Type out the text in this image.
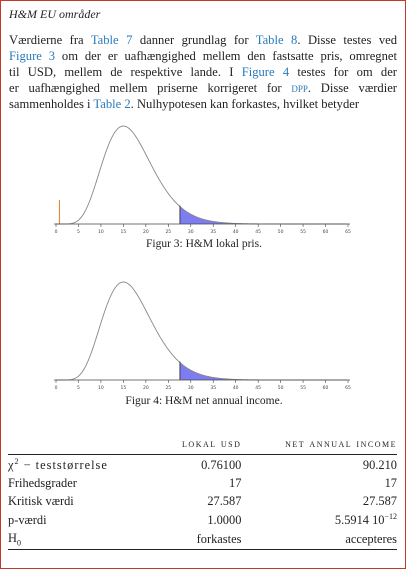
H&M EU områder
Værdierne fra Table 7 danner grundlag for Table 8. Disse testes ved
Figure 3 om der er uafhængighed mellem den fastsatte pris, omregnet
til USD, mellem de respektive lande. I Figure 4 testes for om der
er uafhængighed mellem priserne korrigeret for dpp. Disse værdier
sammenholdes i Table 2. Nulhypotesen kan forkastes, hvilket betyder
0	5	10	15	20	25	30	35	40	45	50	55	60	65
Figur 3: H&M lokal pris.
0	5	10	15	20	25	30	35	40	45	50	55	60	65
Figur 4: H&M net annual income.
	lokal usd	net annual income
$\chi^2$ − teststørrelse	0.76100	90.210
Frihedsgrader	17	17
Kritisk værdi	27.587	27.587
p-værdi	1.0000	5.5914 $10^{-12}$
$H_0$	forkastes	accepteres
